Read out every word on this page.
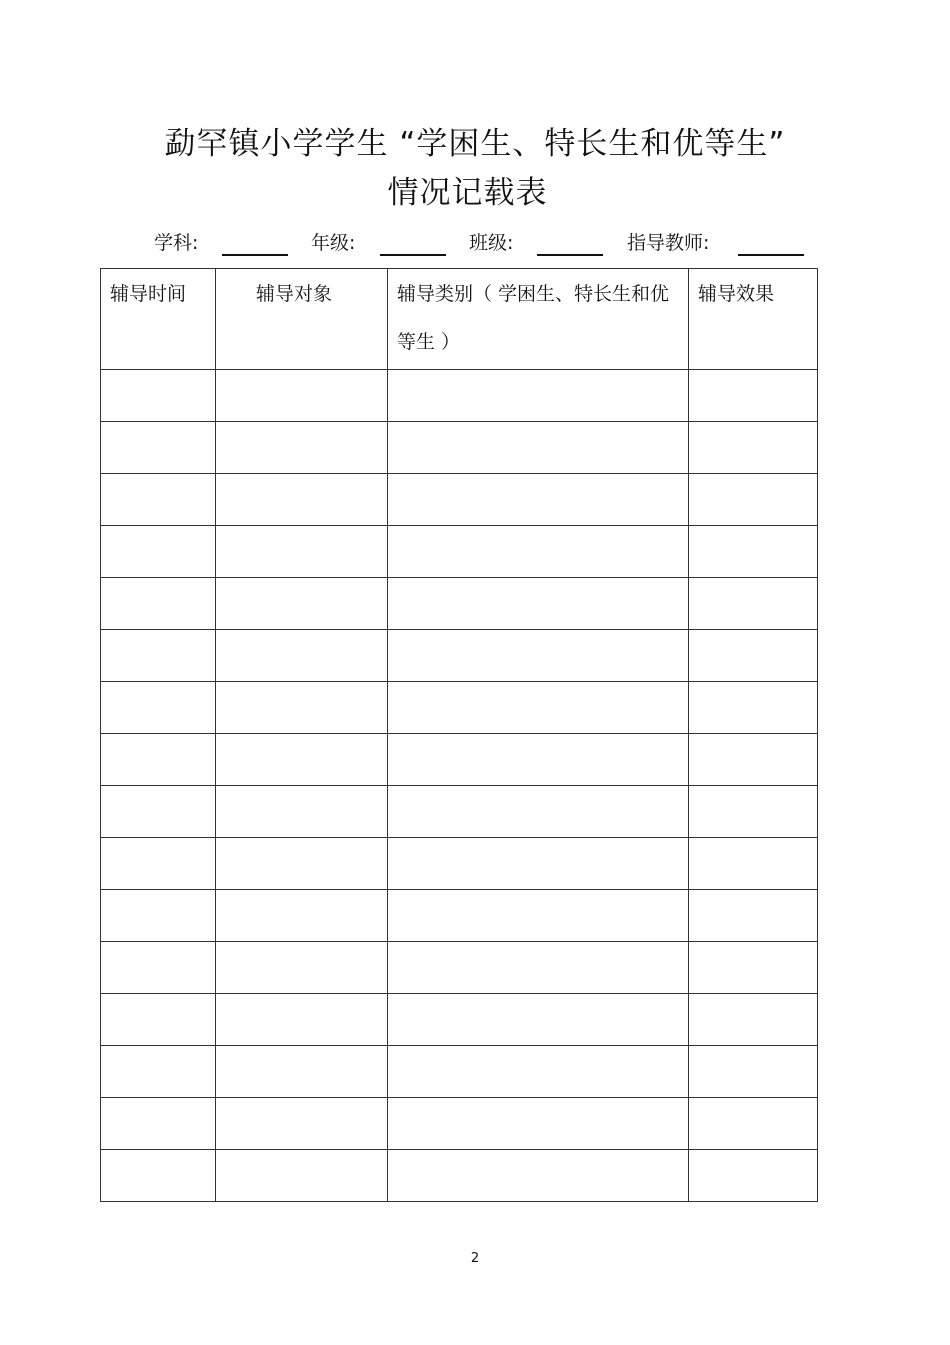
勐罕镇小学学生 “学困生、特长生和优等生”
情况记载表
学科:	年级:	班级:	指导教师:
辅导时间	辅导对象	辅导类别（ 学困生、特长生和优等生 ）	辅导效果

2
